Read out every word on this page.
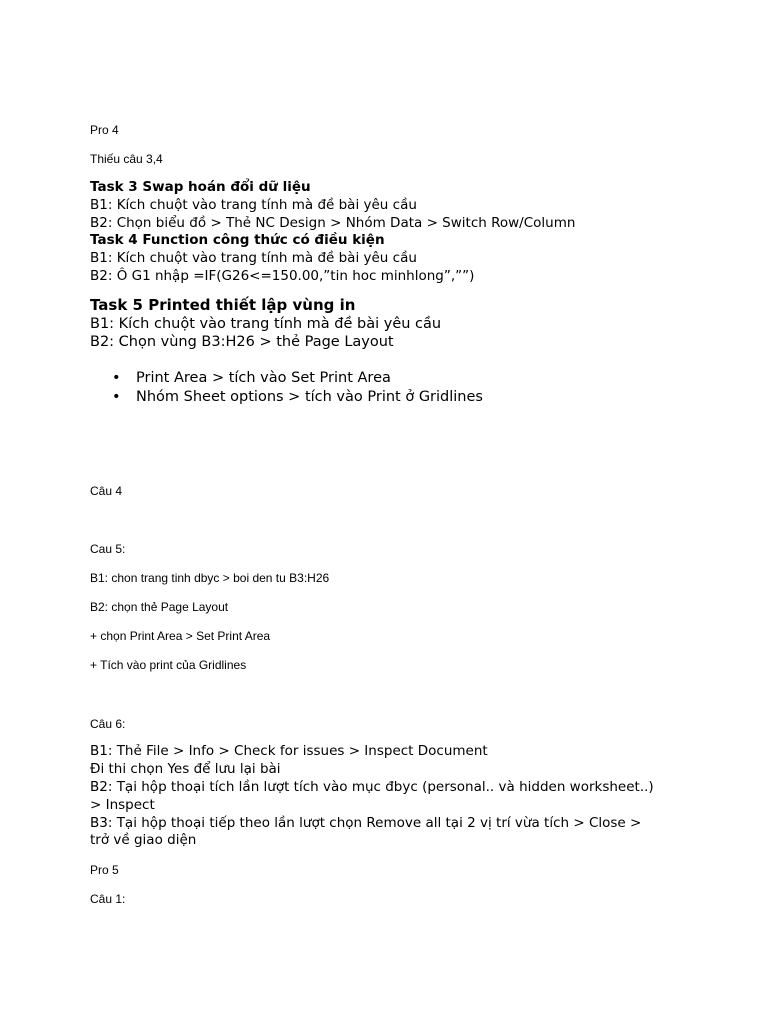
Pro 4
Thiếu câu 3,4
Task 3 Swap hoán đổi dữ liệu
B1: Kích chuột vào trang tính mà đề bài yêu cầu
B2: Chọn biểu đồ > Thẻ NC Design > Nhóm Data > Switch Row/Column
Task 4 Function công thức có điều kiện
B1: Kích chuột vào trang tính mà đề bài yêu cầu
B2: Ô G1 nhập =IF(G26<=150.00,”tin hoc minhlong”,””)
Task 5 Printed thiết lập vùng in
B1: Kích chuột vào trang tính mà đề bài yêu cầu
B2: Chọn vùng B3:H26 > thẻ Page Layout
• Print Area > tích vào Set Print Area
• Nhóm Sheet options > tích vào Print ở Gridlines
Câu 4
Cau 5:
B1: chon trang tinh dbyc > boi den tu B3:H26
B2: chọn thẻ Page Layout
+ chọn Print Area > Set Print Area
+ Tích vào print của Gridlines
Câu 6:
B1: Thẻ File > Info > Check for issues > Inspect Document
Đi thi chọn Yes để lưu lại bài
B2: Tại hộp thoại tích lần lượt tích vào mục đbyc (personal.. và hidden worksheet..)
> Inspect
B3: Tại hộp thoại tiếp theo lần lượt chọn Remove all tại 2 vị trí vừa tích > Close >
trở về giao diện
Pro 5
Câu 1:
